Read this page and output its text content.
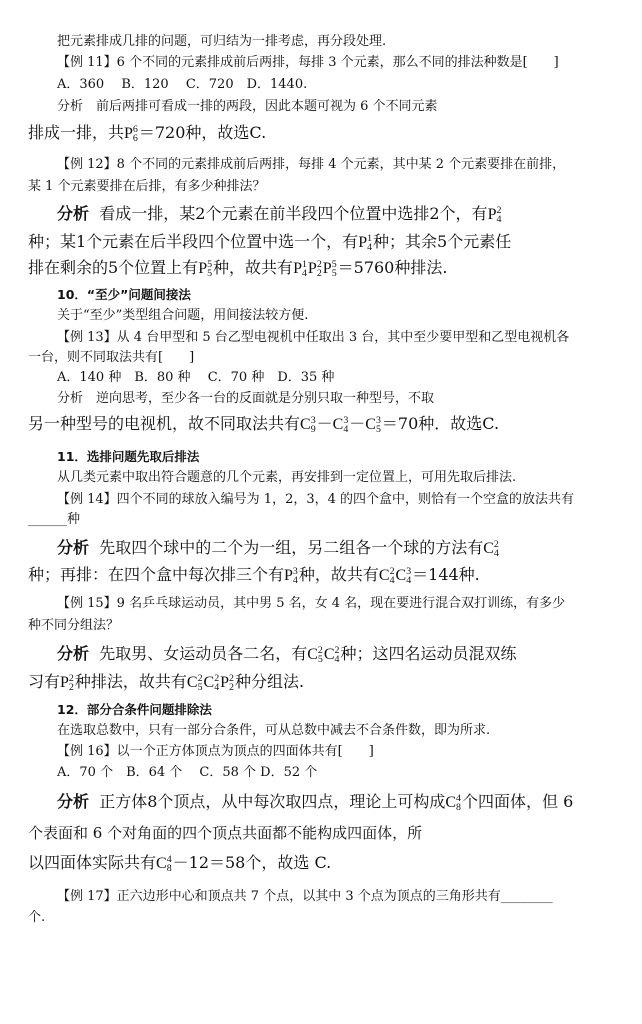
把元素排成几排的问题，可归结为一排考虑，再分段处理.
【例 11】6 个不同的元素排成前后两排，每排 3 个元素，那么不同的排法种数是[　　]
A．360　 B．120　 C．720　D．1440.
分析　前后两排可看成一排的两段，因此本题可视为 6 个不同元素
排成一排，共P 6
6 ＝720种，故选C.
【例 12】8 个不同的元素排成前后两排，每排 4 个元素，其中某 2 个元素要排在前排，
某 1 个元素要排在后排，有多少种排法？
分析 看成一排，某2个元素在前半段四个位置中选排2个，有P 2
4
种；某1个元素在后半段四个位置中选一个，有P 1
4 种；其余5个元素任
排在剩余的5个位置上有P 5
5 种，故共有P 1
4 P 2
2 P 5
5 ＝5760种排法.
10．“至少”问题间接法
关于“至少”类型组合问题，用间接法较方便.
【例 13】从 4 台甲型和 5 台乙型电视机中任取出 3 台，其中至少要甲型和乙型电视机各
一台，则不同取法共有[　　]
A．140 种　B．80 种　 C．70 种　D．35 种
分析　逆向思考，至少各一台的反面就是分别只取一种型号，不取
另一种型号的电视机，故不同取法共有C 3
9 －C 3
4 －C 3
5 ＝70种．故选C.
11．选排问题先取后排法
从几类元素中取出符合题意的几个元素，再安排到一定位置上，可用先取后排法.
【例 14】四个不同的球放入编号为 1，2，3，4 的四个盒中，则恰有一个空盒的放法共有
______种
分析 先取四个球中的二个为一组，另二组各一个球的方法有C 2
4
种；再排：在四个盒中每次排三个有P 3
4 种，故共有C 2
4 C 3
4 ＝144种.
【例 15】9 名乒乓球运动员，其中男 5 名，女 4 名，现在要进行混合双打训练，有多少
种不同分组法？
分析 先取男、女运动员各二名，有C 2
5 C 2
4 种；这四名运动员混双练
习有P 2
2 种排法，故共有C 2
5 C 2
4 P 2
2 种分组法.
12．部分合条件问题排除法
在选取总数中，只有一部分合条件，可从总数中减去不合条件数，即为所求.
【例 16】以一个正方体顶点为顶点的四面体共有[　　]
A．70 个　B．64 个　 C．58 个 D．52 个
分析 正方体8个顶点，从中每次取四点，理论上可构成C 4
8 个四面体，但 6
个表面和 6 个对角面的四个顶点共面都不能构成四面体，所
以四面体实际共有C 4
8 －12＝58个，故选 C.
【例 17】正六边形中心和顶点共 7 个点，以其中 3 个点为顶点的三角形共有________
个.
